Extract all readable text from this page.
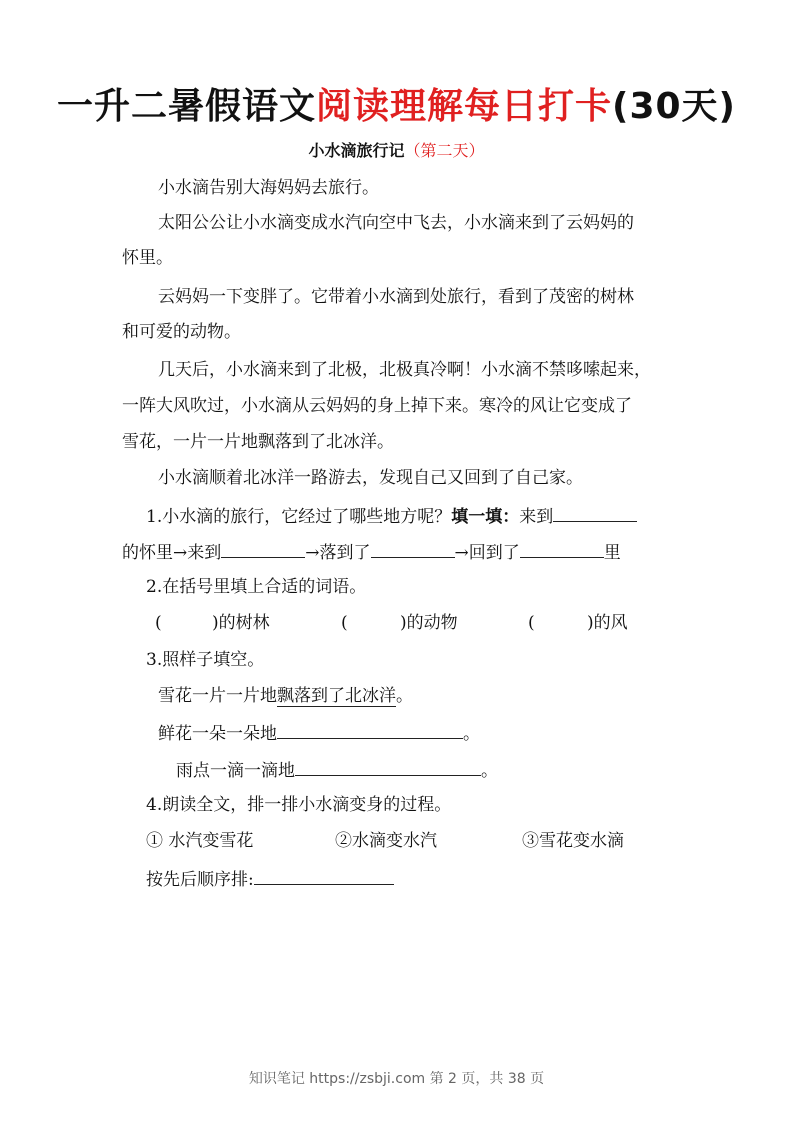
一升二暑假语文阅读理解每日打卡(30天)
小水滴旅行记（第二天）
小水滴告别大海妈妈去旅行。
太阳公公让小水滴变成水汽向空中飞去，小水滴来到了云妈妈的
怀里。
云妈妈一下变胖了。它带着小水滴到处旅行，看到了茂密的树林
和可爱的动物。
几天后，小水滴来到了北极，北极真冷啊！小水滴不禁哆嗦起来，
一阵大风吹过，小水滴从云妈妈的身上掉下来。寒冷的风让它变成了
雪花，一片一片地飘落到了北冰洋。
小水滴顺着北冰洋一路游去，发现自己又回到了自己家。
1.小水滴的旅行，它经过了哪些地方呢？填一填：来到
的怀里→来到	→落到了	→回到了	里
2.在括号里填上合适的词语。
(	)的树林	(	)的动物	(	)的风
3.照样子填空。
雪花一片一片地飘落到了北冰洋。
鲜花一朵一朵地	。
雨点一滴一滴地	。
4.朗读全文，排一排小水滴变身的过程。
① 水汽变雪花	②水滴变水汽	③雪花变水滴
按先后顺序排:
知识笔记 https://zsbji.com 第 2 页，共 38 页
